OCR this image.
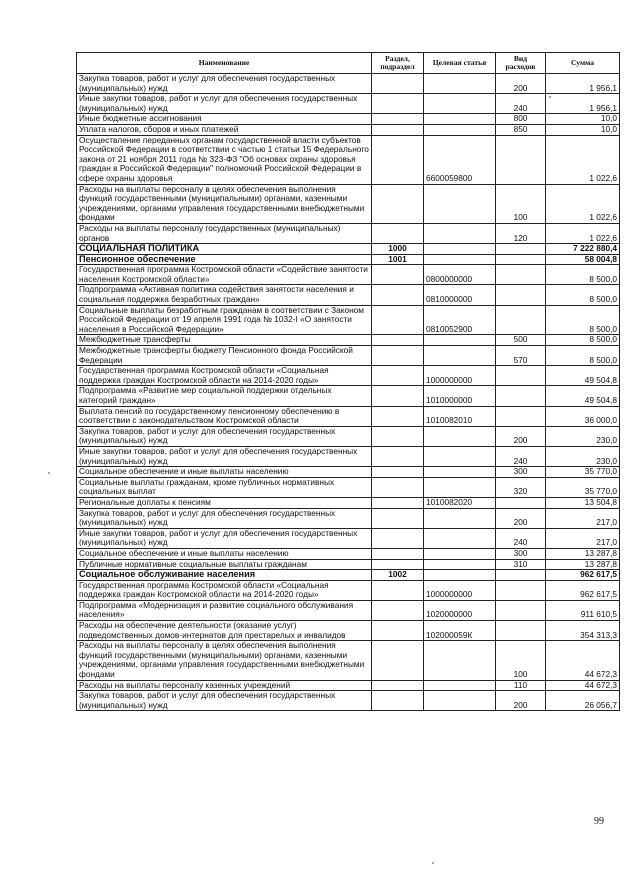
Наименование	Раздел, подраздел	Целевая статья	Вид расходов	Сумма
Закупка товаров, работ и услуг для обеспечения государственных (муниципальных) нужд			200	1 956,1
Иные закупки товаров, работ и услуг для обеспечения государственных (муниципальных) нужд			240	1 956,1
Иные бюджетные ассигнования			800	10,0
Уплата налогов, сборов и иных платежей			850	10,0
Осуществление переданных органам государственной власти субъектов Российской Федерации в соответствии с частью 1 статьи 15 Федерального закона от 21 ноября 2011 года № 323-ФЗ "Об основах охраны здоровья граждан в Российской Федерации" полномочий Российской Федерации в сфере охраны здоровья		6600059800		1 022,6
Расходы на выплаты персоналу в целях обеспечения выполнения функций государственными (муниципальными) органами, казенными учреждениями, органами управления государственными внебюджетными фондами			100	1 022,6
Расходы на выплаты персоналу государственных (муниципальных) органов			120	1 022,6
СОЦИАЛЬНАЯ ПОЛИТИКА	1000			7 222 880,4
Пенсионное обеспечение	1001			58 004,8
Государственная программа Костромской области «Содействие занятости населения Костромской области»		0800000000		8 500,0
Подпрограмма «Активная политика содействия занятости населения и социальная поддержка безработных граждан»		0810000000		8 500,0
Социальные выплаты безработным гражданам в соответствии с Законом Российской Федерации от 19 апреля 1991 года № 1032-I «О занятости населения в Российской Федерации»		0810052900		8 500,0
Межбюджетные трансферты			500	8 500,0
Межбюджетные трансферты бюджету Пенсионного фонда Российской Федерации			570	8 500,0
Государственная программа Костромской области «Социальная поддержка граждан Костромской области на 2014-2020 годы»		1000000000		49 504,8
Подпрограмма «Развитие мер социальной поддержки отдельных категорий граждан»		1010000000		49 504,8
Выплата пенсий по государственному пенсионному обеспечению в соответствии с законодательством Костромской области		1010082010		36 000,0
Закупка товаров, работ и услуг для обеспечения государственных (муниципальных) нужд			200	230,0
Иные закупки товаров, работ и услуг для обеспечения государственных (муниципальных) нужд			240	230,0
Социальное обеспечение и иные выплаты населению			300	35 770,0
Социальные выплаты гражданам, кроме публичных нормативных социальных выплат			320	35 770,0
Региональные доплаты к пенсиям		1010082020		13 504,8
Закупка товаров, работ и услуг для обеспечения государственных (муниципальных) нужд			200	217,0
Иные закупки товаров, работ и услуг для обеспечения государственных (муниципальных) нужд			240	217,0
Социальное обеспечение и иные выплаты населению			300	13 287,8
Публичные нормативные социальные выплаты гражданам			310	13 287,8
Социальное обслуживание населения	1002			962 617,5
Государственная программа Костромской области «Социальная поддержка граждан Костромской области на 2014-2020 годы»		1000000000		962 617,5
Подпрограмма «Модернизация и развитие социального обслуживания населения»		1020000000		911 610,5
Расходы на обеспечение деятельности (оказание услуг) подведомственных домов-интернатов для престарелых и инвалидов		102000059К		354 313,3
Расходы на выплаты персоналу в целях обеспечения выполнения функций государственными (муниципальными) органами, казенными учреждениями, органами управления государственными внебюджетными фондами			100	44 672,3
Расходы на выплаты персоналу казенных учреждений			110	44 672,3
Закупка товаров, работ и услуг для обеспечения государственных (муниципальных) нужд			200	26 056,7
99
